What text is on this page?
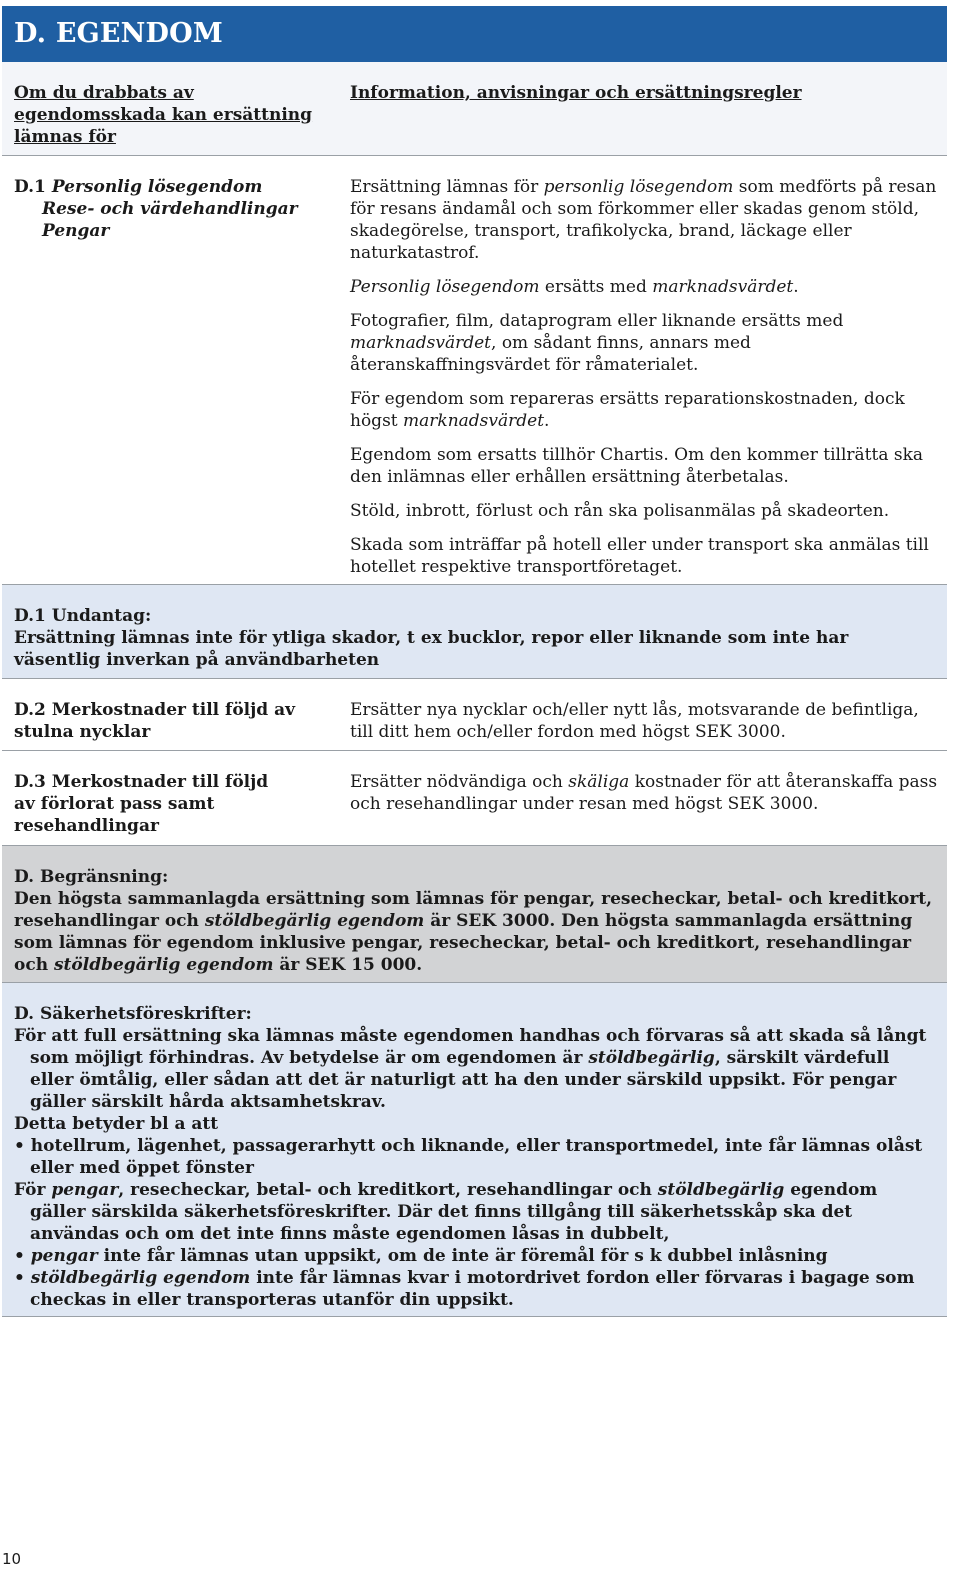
D. EGENDOM
Om du drabbats av egendomsskada kan ersättning lämnas för
Information, anvisningar och ersättningsregler
D.1 Personlig lösegendom
Rese- och värdehandlingar
Pengar

Ersättning lämnas för personlig lösegendom som medförts på resan för resans ändamål och som förkommer eller skadas genom stöld, skadegörelse, transport, trafikolycka, brand, läckage eller naturkatastrof.

Personlig lösegendom ersätts med marknadsvärdet.

Fotografier, film, dataprogram eller liknande ersätts med marknadsvärdet, om sådant finns, annars med återanskaffningsvärdet för råmaterialet.

För egendom som repareras ersätts reparationskostnaden, dock högst marknadsvärdet.

Egendom som ersatts tillhör Chartis. Om den kommer tillrätta ska den inlämnas eller erhållen ersättning återbetalas.

Stöld, inbrott, förlust och rån ska polisanmälas på skadeorten.

Skada som inträffar på hotell eller under transport ska anmälas till hotellet respektive transportföretaget.

D.1 Undantag:
Ersättning lämnas inte för ytliga skador, t ex bucklor, repor eller liknande som inte har väsentlig inverkan på användbarheten
D.2 Merkostnader till följd av stulna nycklar
Ersätter nya nycklar och/eller nytt lås, motsvarande de befintliga, till ditt hem och/eller fordon med högst SEK 3000.
D.3 Merkostnader till följd av förlorat pass samt resehandlingar
Ersätter nödvändiga och skäliga kostnader för att återanskaffa pass och resehandlingar under resan med högst SEK 3000.
D. Begränsning:
Den högsta sammanlagda ersättning som lämnas för pengar, resecheckar, betal- och kreditkort, resehandlingar och stöldbegärlig egendom är SEK 3000. Den högsta sammanlagda ersättning som lämnas för egendom inklusive pengar, resecheckar, betal- och kreditkort, resehandlingar och stöldbegärlig egendom är SEK 15 000.
D. Säkerhetsföreskrifter:
För att full ersättning ska lämnas måste egendomen handhas och förvaras så att skada så långt som möjligt förhindras. Av betydelse är om egendomen är stöldbegärlig, särskilt värdefull eller ömtålig, eller sådan att det är naturligt att ha den under särskild uppsikt. För pengar gäller särskilt hårda aktsamhetskrav.
Detta betyder bl a att
• hotellrum, lägenhet, passagerarhytt och liknande, eller transportmedel, inte får lämnas olåst eller med öppet fönster
För pengar, resecheckar, betal- och kreditkort, resehandlingar och stöldbegärlig egendom gäller särskilda säkerhetsföreskrifter. Där det finns tillgång till säkerhetsskåp ska det användas och om det inte finns måste egendomen låsas in dubbelt,
• pengar inte får lämnas utan uppsikt, om de inte är föremål för s k dubbel inlåsning
• stöldbegärlig egendom inte får lämnas kvar i motordrivet fordon eller förvaras i bagage som checkas in eller transporteras utanför din uppsikt.
10
